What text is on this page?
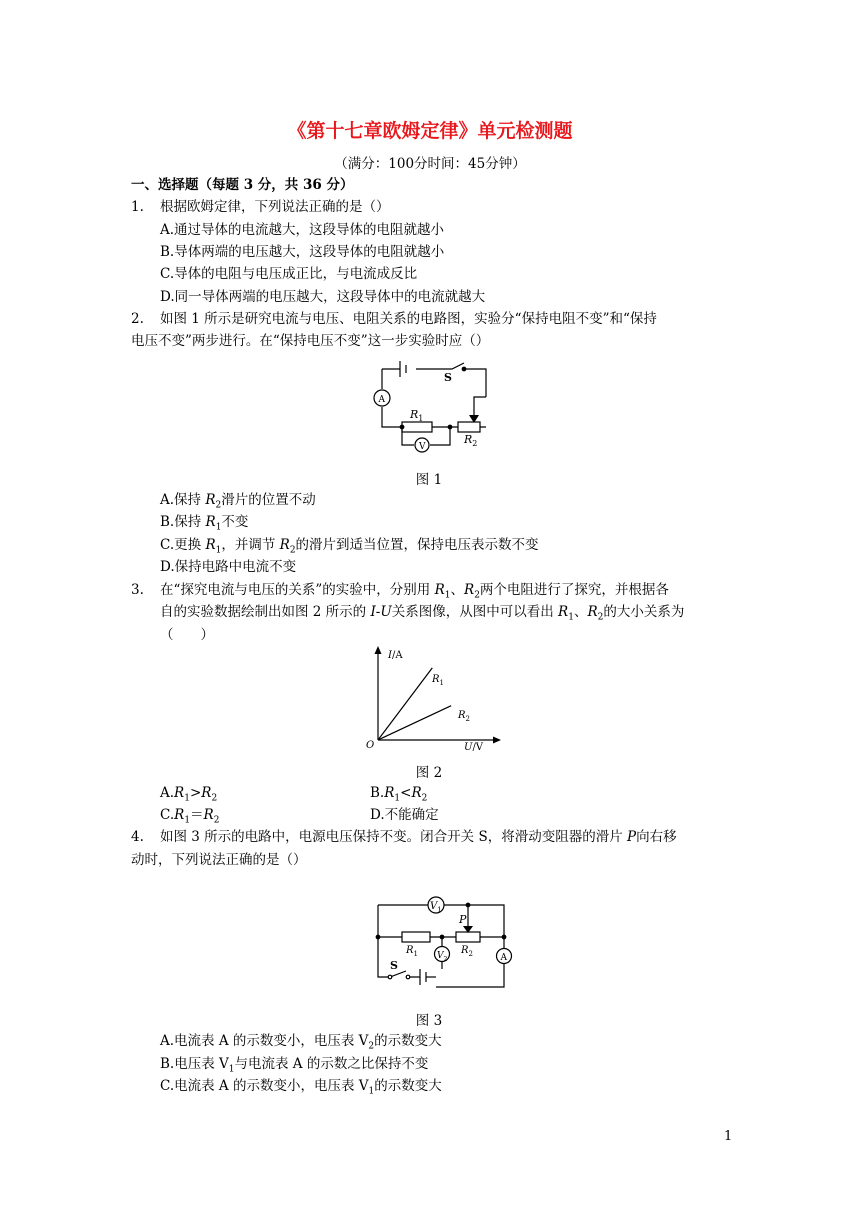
《第十七章欧姆定律》单元检测题
（满分：100分时间：45分钟）
一、选择题（每题 3 分，共 36 分）
1. 根据欧姆定律，下列说法正确的是（）
A.通过导体的电流越大，这段导体的电阻就越小
B.导体两端的电压越大，这段导体的电阻就越小
C.导体的电阻与电压成正比，与电流成反比
D.同一导体两端的电压越大，这段导体中的电流就越大
2. 如图 1 所示是研究电流与电压、电阻关系的电路图，实验分“保持电阻不变”和“保持
电压不变”两步进行。在“保持电压不变”这一步实验时应（）
S
A
V
$R_1$
$R_2$
图 1
A.保持 $R_2$滑片的位置不动
B.保持 $R_1$不变
C.更换 $R_1$，并调节 $R_2$的滑片到适当位置，保持电压表示数不变
D.保持电路中电流不变
3. 在“探究电流与电压的关系”的实验中，分别用 $R_1$、$R_2$两个电阻进行了探究，并根据各
自的实验数据绘制出如图 2 所示的 I-U关系图像，从图中可以看出 $R_1$、$R_2$的大小关系为
（　　）
I/A
U/V
O
$R_1$
$R_2$
图 2
$A.R_1>R_2$	$B.R_1<R_2$
$C.R_1=R_2$	D.不能确定
4. 如图 3 所示的电路中，电源电压保持不变。闭合开关 S，将滑动变阻器的滑片 P向右移
动时，下列说法正确的是（）
$V_1$
$V_2$	A
P
S
$R_1$	$R_2$
图 3
A.电流表 A 的示数变小，电压表 $V_2$的示数变大
B.电压表 $V_1$与电流表 A 的示数之比保持不变
C.电流表 A 的示数变小，电压表 $V_1$的示数变大
1
